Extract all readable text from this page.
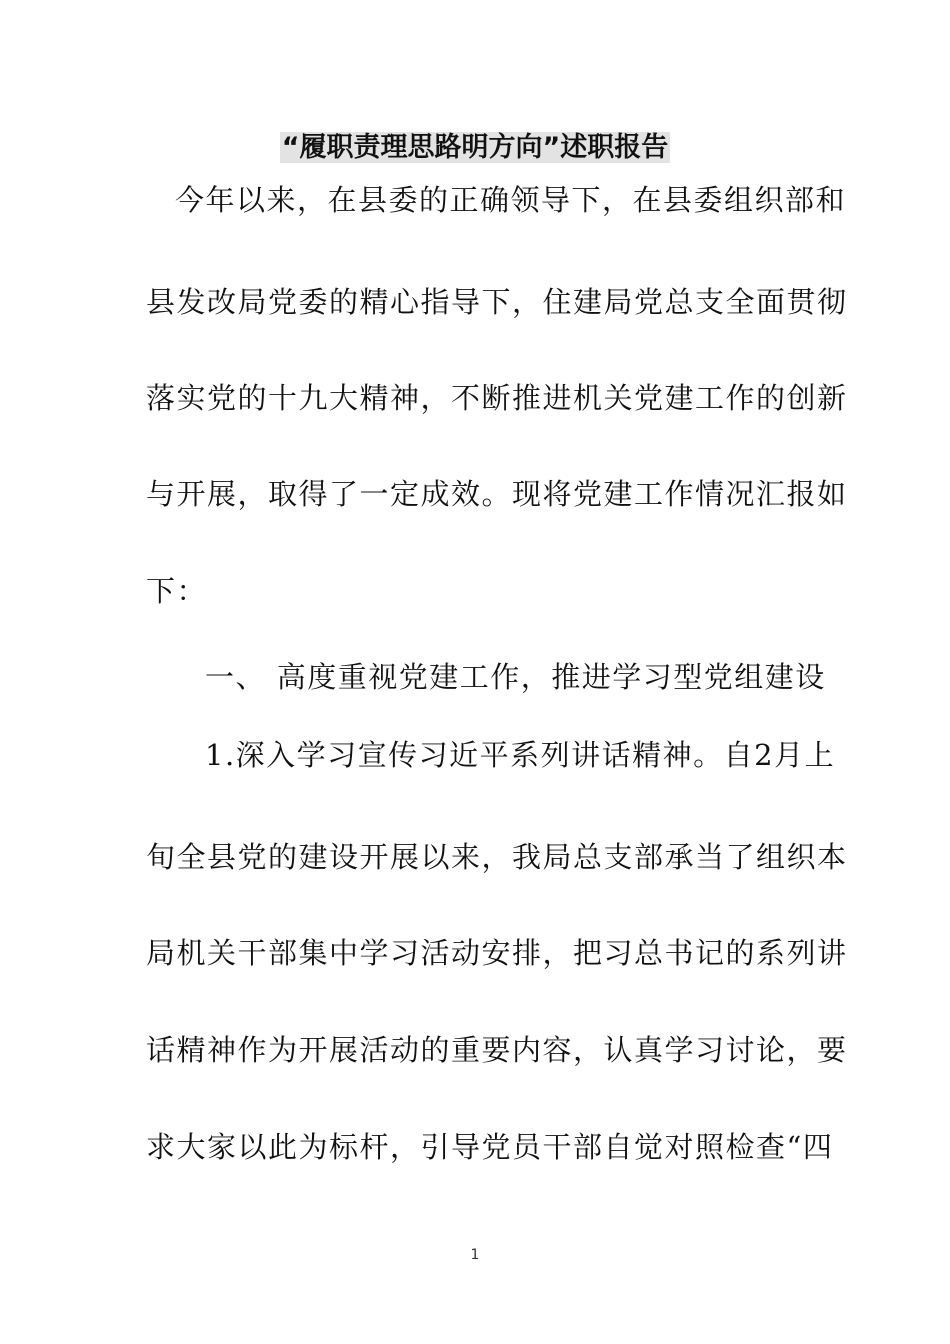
“履职责理思路明方向”述职报告
今年以来，在县委的正确领导下，在县委组织部和
县发改局党委的精心指导下，住建局党总支全面贯彻
落实党的十九大精神，不断推进机关党建工作的创新
与开展，取得了一定成效。现将党建工作情况汇报如
下：
一、 高度重视党建工作，推进学习型党组建设
1.深入学习宣传习近平系列讲话精神。自2月上
旬全县党的建设开展以来，我局总支部承当了组织本
局机关干部集中学习活动安排，把习总书记的系列讲
话精神作为开展活动的重要内容，认真学习讨论，要
求大家以此为标杆，引导党员干部自觉对照检查“四
1
